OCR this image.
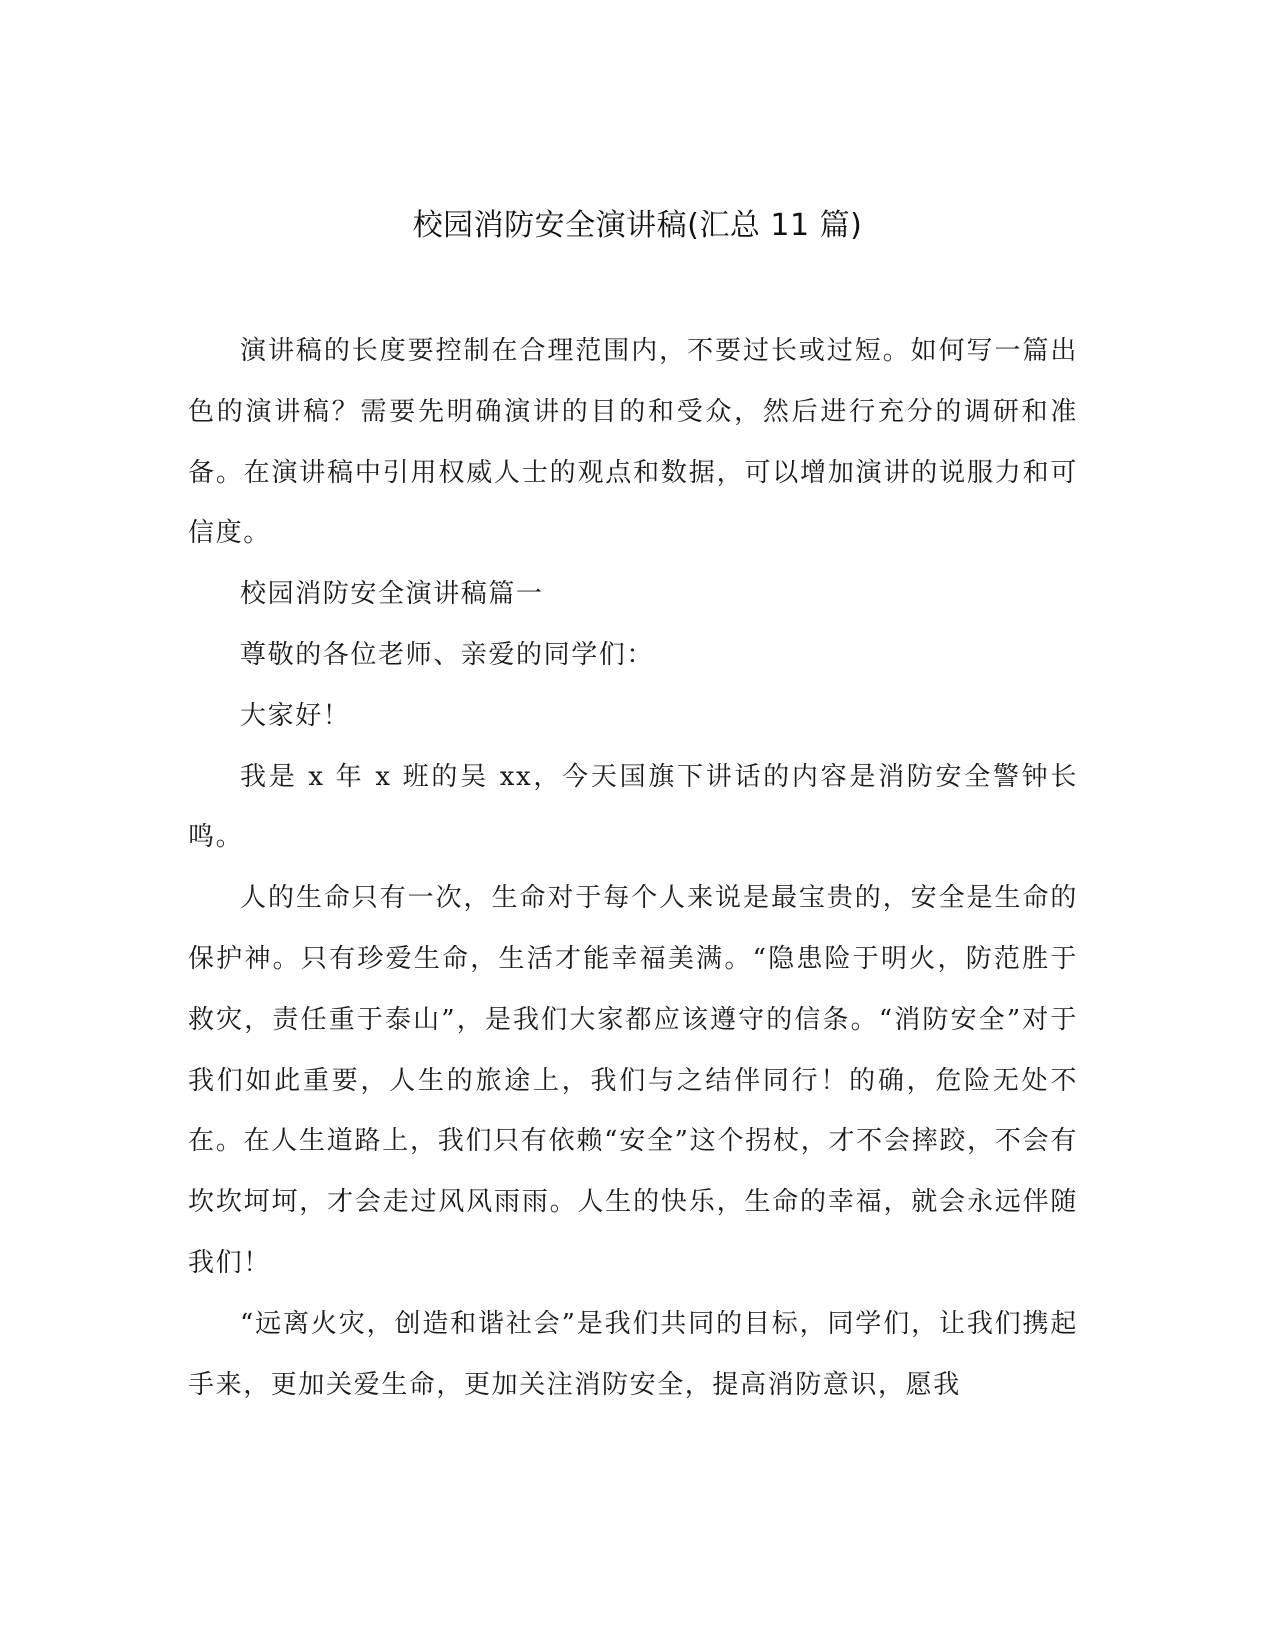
校园消防安全演讲稿(汇总 11 篇)

演讲稿的长度要控制在合理范围内，不要过长或过短。如何写一篇出色的演讲稿？需要先明确演讲的目的和受众，然后进行充分的调研和准备。在演讲稿中引用权威人士的观点和数据，可以增加演讲的说服力和可信度。

校园消防安全演讲稿篇一

尊敬的各位老师、亲爱的同学们：

大家好！

我是 x 年 x 班的吴 xx，今天国旗下讲话的内容是消防安全警钟长鸣。

人的生命只有一次，生命对于每个人来说是最宝贵的，安全是生命的保护神。只有珍爱生命，生活才能幸福美满。“隐患险于明火，防范胜于救灾，责任重于泰山”，是我们大家都应该遵守的信条。“消防安全”对于我们如此重要，人生的旅途上，我们与之结伴同行！的确，危险无处不在。在人生道路上，我们只有依赖“安全”这个拐杖，才不会摔跤，不会有坎坎坷坷，才会走过风风雨雨。人生的快乐，生命的幸福，就会永远伴随我们！

“远离火灾，创造和谐社会”是我们共同的目标，同学们，让我们携起手来，更加关爱生命，更加关注消防安全，提高消防意识，愿我
